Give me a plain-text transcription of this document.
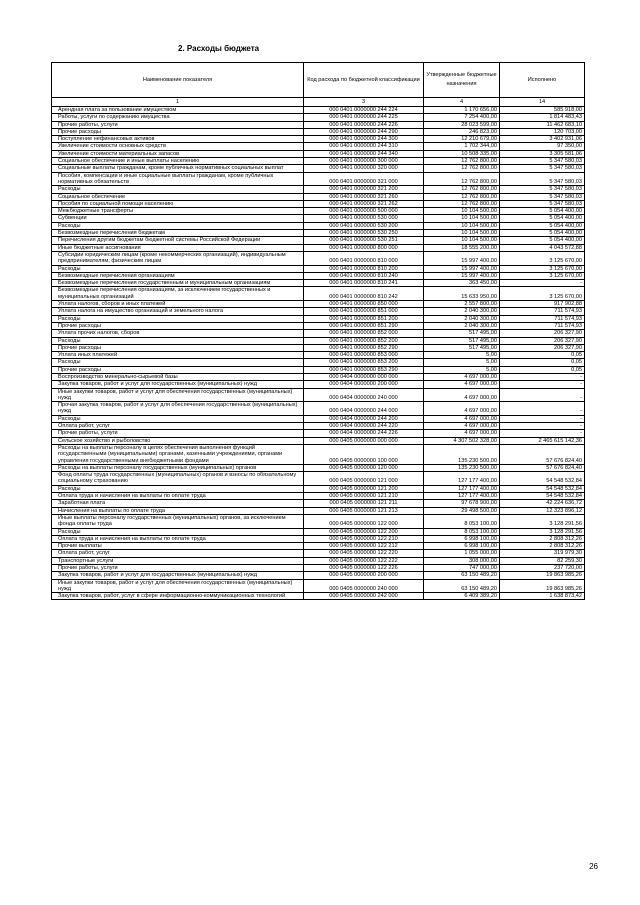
2. Расходы бюджета
Наименование показателя	Код расхода по бюджетной классификации	Утвержденные бюджетные назначения	Исполнено
1	3	4	14
Арендная плата за пользование имуществом	000 0401 0000000 244 224	1 170 656,00	585 918,00
Работы, услуги по содержанию имущества	000 0401 0000000 244 225	7 254 400,00	1 814 483,43
Прочие работы, услуги	000 0401 0000000 244 226	28 023 599,00	11 462 683,10
Прочие расходы	000 0401 0000000 244 290	246 823,00	120 703,00
Поступление нефинансовых активов	000 0401 0000000 244 300	12 210 679,00	3 402 931,06
Увеличение стоимости основных средств	000 0401 0000000 244 310	1 702 344,00	97 350,00
Увеличение стоимости материальных запасов	000 0401 0000000 244 340	10 508 335,00	3 305 581,06
Социальное обеспечение и иные выплаты населению	000 0401 0000000 300 000	12 762 800,00	5 347 580,03
Социальные выплаты гражданам, кроме публичных нормативных социальных выплат	000 0401 0000000 320 000	12 762 800,00	5 347 580,03
Пособия, компенсации и иные социальные выплаты гражданам, кроме публичных нормативных обязательств	000 0401 0000000 321 000	12 762 800,00	5 347 580,03
Расходы	000 0401 0000000 321 200	12 762 800,00	5 347 580,03
Социальное обеспечение	000 0401 0000000 321 260	12 762 800,00	5 347 580,03
Пособия по социальной помощи населению	000 0401 0000000 321 262	12 762 800,00	5 347 580,03
Межбюджетные трансферты	000 0401 0000000 500 000	10 104 500,00	5 054 400,00
Субвенции	000 0401 0000000 530 000	10 104 500,00	5 054 400,00
Расходы	000 0401 0000000 530 200	10 104 500,00	5 054 400,00
Безвозмездные перечисления бюджетам	000 0401 0000000 530 250	10 104 500,00	5 054 400,00
Перечисления другим бюджетам бюджетной системы Российской Федерации	000 0401 0000000 530 251	10 104 500,00	5 054 400,00
Иные бюджетные ассигнования	000 0401 0000000 800 000	18 555 200,00	4 043 572,88
Субсидии юридическим лицам (кроме некоммерческих организаций), индивидуальным предпринимателям, физическим лицам	000 0401 0000000 810 000	15 997 400,00	3 125 670,00
Расходы	000 0401 0000000 810 200	15 997 400,00	3 125 670,00
Безвозмездные перечисления организациям	000 0401 0000000 810 240	15 997 400,00	3 125 670,00
Безвозмездные перечисления государственным и муниципальным организациям	000 0401 0000000 810 241	363 450,00	-
Безвозмездные перечисления организациям, за исключением государственных и муниципальных организаций	000 0401 0000000 810 242	15 633 950,00	3 125 670,00
Уплата налогов, сборов и иных платежей	000 0401 0000000 850 000	2 557 800,00	917 902,88
Уплата налога на имущество организаций и земельного налога	000 0401 0000000 851 000	2 040 300,00	711 574,93
Расходы	000 0401 0000000 851 200	2 040 300,00	711 574,93
Прочие расходы	000 0401 0000000 851 290	2 040 300,00	711 574,93
Уплата прочих налогов, сборов	000 0401 0000000 852 000	517 495,00	206 327,90
Расходы	000 0401 0000000 852 200	517 495,00	206 327,90
Прочие расходы	000 0401 0000000 852 290	517 495,00	206 327,90
Уплата иных платежей	000 0401 0000000 853 000	5,00	0,05
Расходы	000 0401 0000000 853 200	5,00	0,05
Прочие расходы	000 0401 0000000 853 290	5,00	0,05
Воспроизводство минерально-сырьевой базы	000 0404 0000000 000 000	4 697 000,00	-
Закупка товаров, работ и услуг для государственных (муниципальных) нужд	000 0404 0000000 200 000	4 697 000,00	-
Иные закупки товаров, работ и услуг для обеспечения государственных (муниципальных) нужд	000 0404 0000000 240 000	4 697 000,00	-
Прочая закупка товаров, работ и услуг для обеспечения государственных (муниципальных) нужд	000 0404 0000000 244 000	4 697 000,00	-
Расходы	000 0404 0000000 244 200	4 697 000,00	-
Оплата работ, услуг	000 0404 0000000 244 220	4 697 000,00	-
Прочие работы, услуги	000 0404 0000000 244 226	4 697 000,00	-
Сельское хозяйство и рыболовство	000 0405 0000000 000 000	4 307 502 328,00	2 465 615 142,36
Расходы на выплаты персоналу в целях обеспечения выполнения функций государственными (муниципальными) органами, казенными учреждениями, органами управления государственными внебюджетными фондами	000 0405 0000000 100 000	135 230 500,00	57 676 824,40
Расходы на выплаты персоналу государственных (муниципальных) органов	000 0405 0000000 120 000	135 230 500,00	57 676 824,40
Фонд оплаты труда государственных (муниципальных) органов и взносы по обязательному социальному страхованию	000 0405 0000000 121 000	127 177 400,00	54 548 532,84
Расходы	000 0405 0000000 121 200	127 177 400,00	54 548 532,84
Оплата труда и начисления на выплаты по оплате труда	000 0405 0000000 121 210	127 177 400,00	54 548 532,84
Заработная плата	000 0405 0000000 121 211	97 678 900,00	42 224 636,72
Начисления на выплаты по оплате труда	000 0405 0000000 121 213	29 498 500,00	12 323 896,12
Иные выплаты персоналу государственных (муниципальных) органов, за исключением фонда оплаты труда	000 0405 0000000 122 000	8 053 100,00	3 128 291,56
Расходы	000 0405 0000000 122 200	8 053 100,00	3 128 291,56
Оплата труда и начисления на выплаты по оплате труда	000 0405 0000000 122 210	6 998 100,00	2 808 312,26
Прочие выплаты	000 0405 0000000 122 212	6 998 100,00	2 808 312,26
Оплата работ, услуг	000 0405 0000000 122 220	1 055 000,00	319 979,30
Транспортные услуги	000 0405 0000000 122 222	308 000,00	82 259,30
Прочие работы, услуги	000 0405 0000000 122 226	747 000,00	237 720,00
Закупка товаров, работ и услуг для государственных (муниципальных) нужд	000 0405 0000000 200 000	63 150 489,20	19 863 985,26
Иные закупки товаров, работ и услуг для обеспечения государственных (муниципальных) нужд	000 0405 0000000 240 000	63 150 489,20	19 863 985,26
Закупка товаров, работ, услуг в сфере информационно-коммуникационных технологий	000 0405 0000000 242 000	6 409 389,20	1 638 873,42
26
